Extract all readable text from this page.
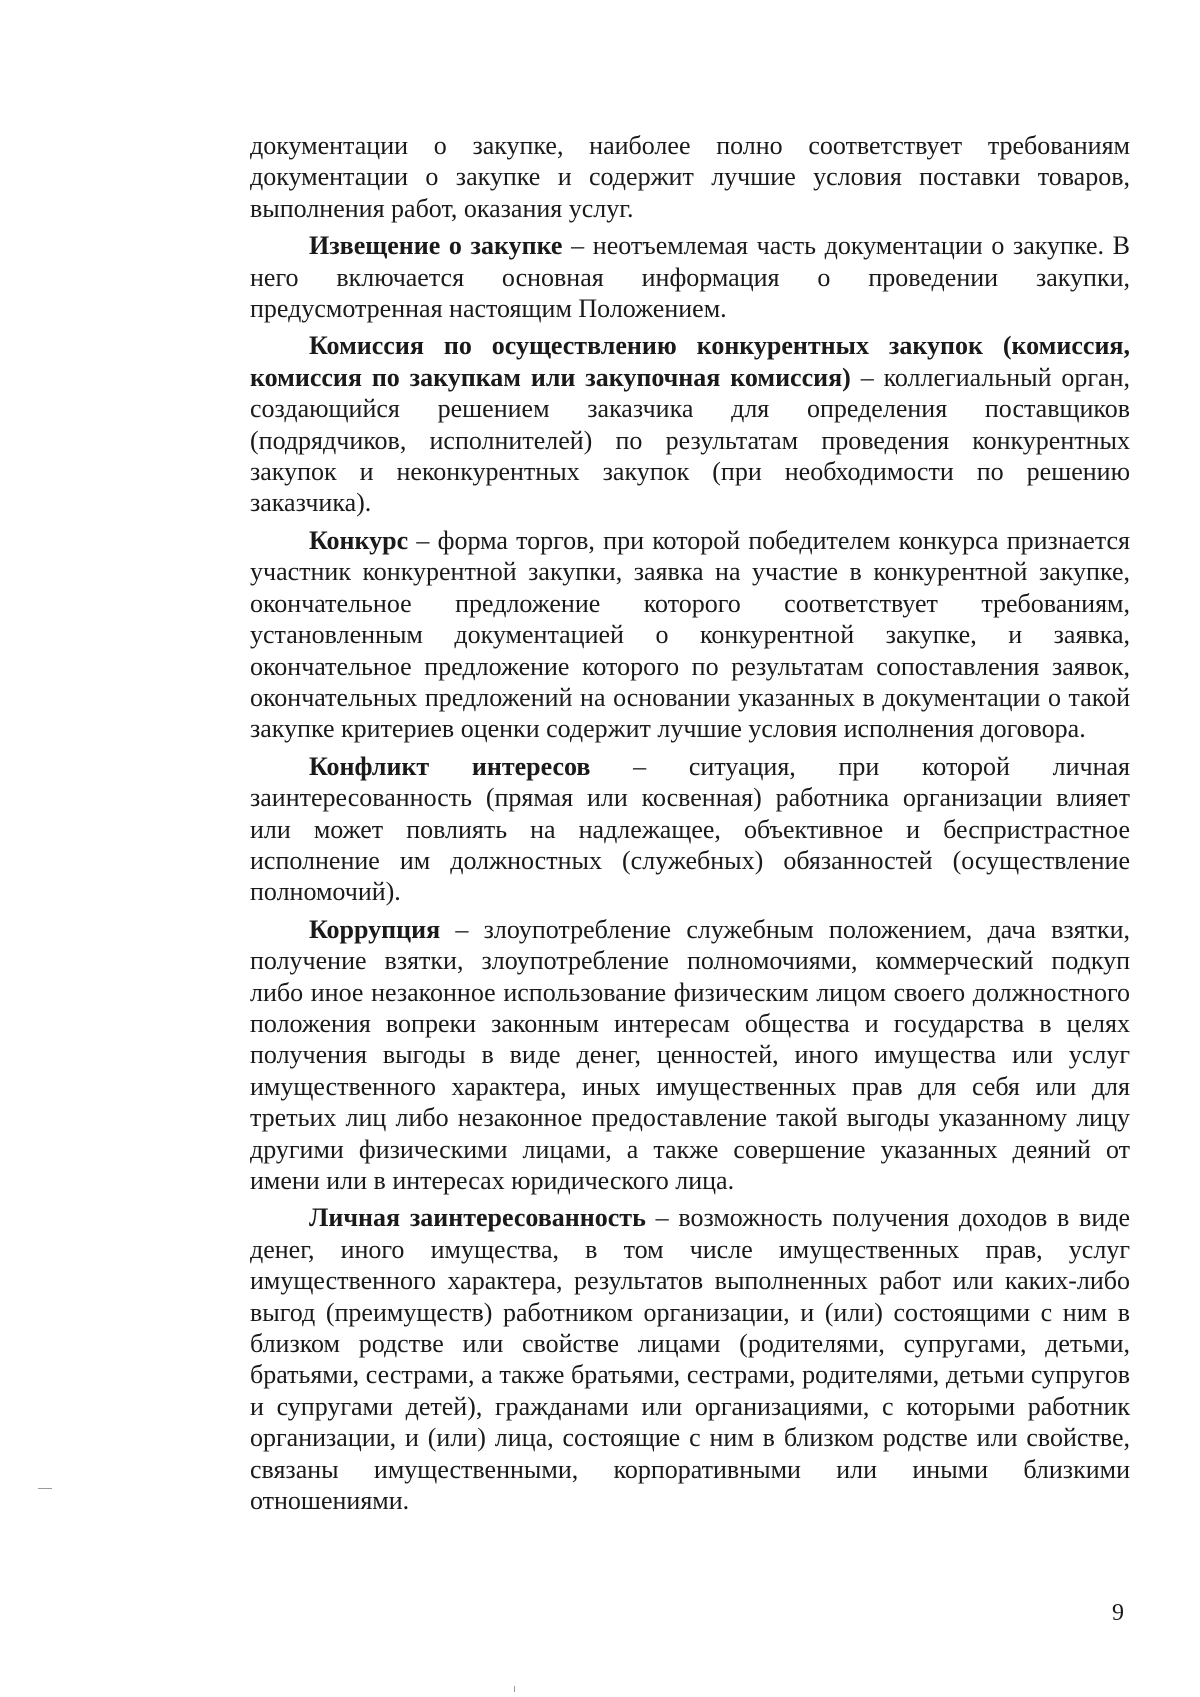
документации о закупке, наиболее полно соответствует требованиям документации о закупке и содержит лучшие условия поставки товаров, выполнения работ, оказания услуг.

Извещение о закупке – неотъемлемая часть документации о закупке. В него включается основная информация о проведении закупки, предусмотренная настоящим Положением.

Комиссия по осуществлению конкурентных закупок (комиссия, комиссия по закупкам или закупочная комиссия) – коллегиальный орган, создающийся решением заказчика для определения поставщиков (подрядчиков, исполнителей) по результатам проведения конкурентных закупок и неконкурентных закупок (при необходимости по решению заказчика).

Конкурс – форма торгов, при которой победителем конкурса признается участник конкурентной закупки, заявка на участие в конкурентной закупке, окончательное предложение которого соответствует требованиям, установленным документацией о конкурентной закупке, и заявка, окончательное предложение которого по результатам сопоставления заявок, окончательных предложений на основании указанных в документации о такой закупке критериев оценки содержит лучшие условия исполнения договора.

Конфликт интересов – ситуация, при которой личная заинтересованность (прямая или косвенная) работника организации влияет или может повлиять на надлежащее, объективное и беспристрастное исполнение им должностных (служебных) обязанностей (осуществление полномочий).

Коррупция – злоупотребление служебным положением, дача взятки, получение взятки, злоупотребление полномочиями, коммерческий подкуп либо иное незаконное использование физическим лицом своего должностного положения вопреки законным интересам общества и государства в целях получения выгоды в виде денег, ценностей, иного имущества или услуг имущественного характера, иных имущественных прав для себя или для третьих лиц либо незаконное предоставление такой выгоды указанному лицу другими физическими лицами, а также совершение указанных деяний от имени или в интересах юридического лица.

Личная заинтересованность – возможность получения доходов в виде денег, иного имущества, в том числе имущественных прав, услуг имущественного характера, результатов выполненных работ или каких-либо выгод (преимуществ) работником организации, и (или) состоящими с ним в близком родстве или свойстве лицами (родителями, супругами, детьми, братьями, сестрами, а также братьями, сестрами, родителями, детьми супругов и супругами детей), гражданами или организациями, с которыми работник организации, и (или) лица, состоящие с ним в близком родстве или свойстве, связаны имущественными, корпоративными или иными близкими отношениями.

9
